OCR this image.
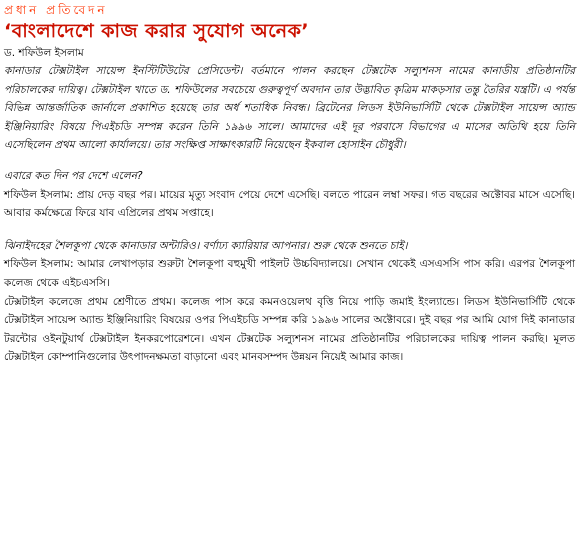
প্রধান প্রতিবেদন

‘বাংলাদেশে কাজ করার সুযোগ অনেক’

ড. শফিউল ইসলাম

কানাডার টেক্সটাইল সায়েন্স ইনস্টিটিউটের প্রেসিডেন্ট। বর্তমানে পালন করছেন টেক্সটেক সল্যুশনস নামের কানাডীয় প্রতিষ্ঠানটির পরিচালকের দায়িত্ব। টেক্সটাইল খাতে ড. শফিউলের সবচেয়ে গুরুত্বপূর্ণ অবদান তার উদ্ভাবিত কৃত্রিম মাকড়সার তন্তু তৈরির যন্ত্রটি। এ পর্যন্ত বিভিন্ন আন্তর্জাতিক জার্নালে প্রকাশিত হয়েছে তার অর্ধ শতাধিক নিবন্ধ। ব্রিটেনের লিডস ইউনিভার্সিটি থেকে টেক্সটাইল সায়েন্স অ্যান্ড ইঞ্জিনিয়ারিং বিষয়ে পিএইচডি সম্পন্ন করেন তিনি ১৯৯৬ সালে। আমাদের এই দূর পরবাসে বিভাগের এ মাসের অতিথি হয়ে তিনি এসেছিলেন প্রথম আলো কার্যালয়ে। তার সংক্ষিপ্ত সাক্ষাৎকারটি নিয়েছেন ইকবাল হোসাইন চৌধুরী।

এবারে কত দিন পর দেশে এলেন?

শফিউল ইসলাম: প্রায় দেড় বছর পর। মায়ের মৃত্যু সংবাদ পেয়ে দেশে এসেছি। বলতে পারেন লম্বা সফর। গত বছরের অক্টোবর মাসে এসেছি। আবার কর্মক্ষেত্রে ফিরে যাব এপ্রিলের প্রথম সপ্তাহে।

ঝিনাইদহের শৈলকূপা থেকে কানাডার অন্টারিও। বর্ণাঢ্য ক্যারিয়ার আপনার। শুরু থেকে শুনতে চাই।

শফিউল ইসলাম: আমার লেখাপড়ার শুরুটা শৈলকূপা বহুমুখী পাইলট উচ্চবিদ্যালয়ে। সেখান থেকেই এসএসসি পাস করি। এরপর শৈলকূপা কলেজ থেকে এইচএসসি।

টেক্সটাইল কলেজে প্রথম শ্রেণীতে প্রথম। কলেজ পাস করে কমনওয়েলথ বৃত্তি নিয়ে পাড়ি জমাই ইংল্যান্ডে। লিডস ইউনিভার্সিটি থেকে টেক্সটাইল সায়েন্স অ্যান্ড ইঞ্জিনিয়ারিং বিষয়ের ওপর পিএইচডি সম্পন্ন করি ১৯৯৬ সালের অক্টোবরে। দুই বছর পর আমি যোগ দিই কানাডার টরন্টোর ওইনটুয়ার্থ টেক্সটাইল ইনকরপোরেশনে। এখন টেক্সটেক সল্যুশনস নামের প্রতিষ্ঠানটির পরিচালকের দায়িত্ব পালন করছি। মূলত টেক্সটাইল কোম্পানিগুলোর উৎপাদনক্ষমতা বাড়ানো এবং মানবসম্পদ উন্নয়ন নিয়েই আমার কাজ।
